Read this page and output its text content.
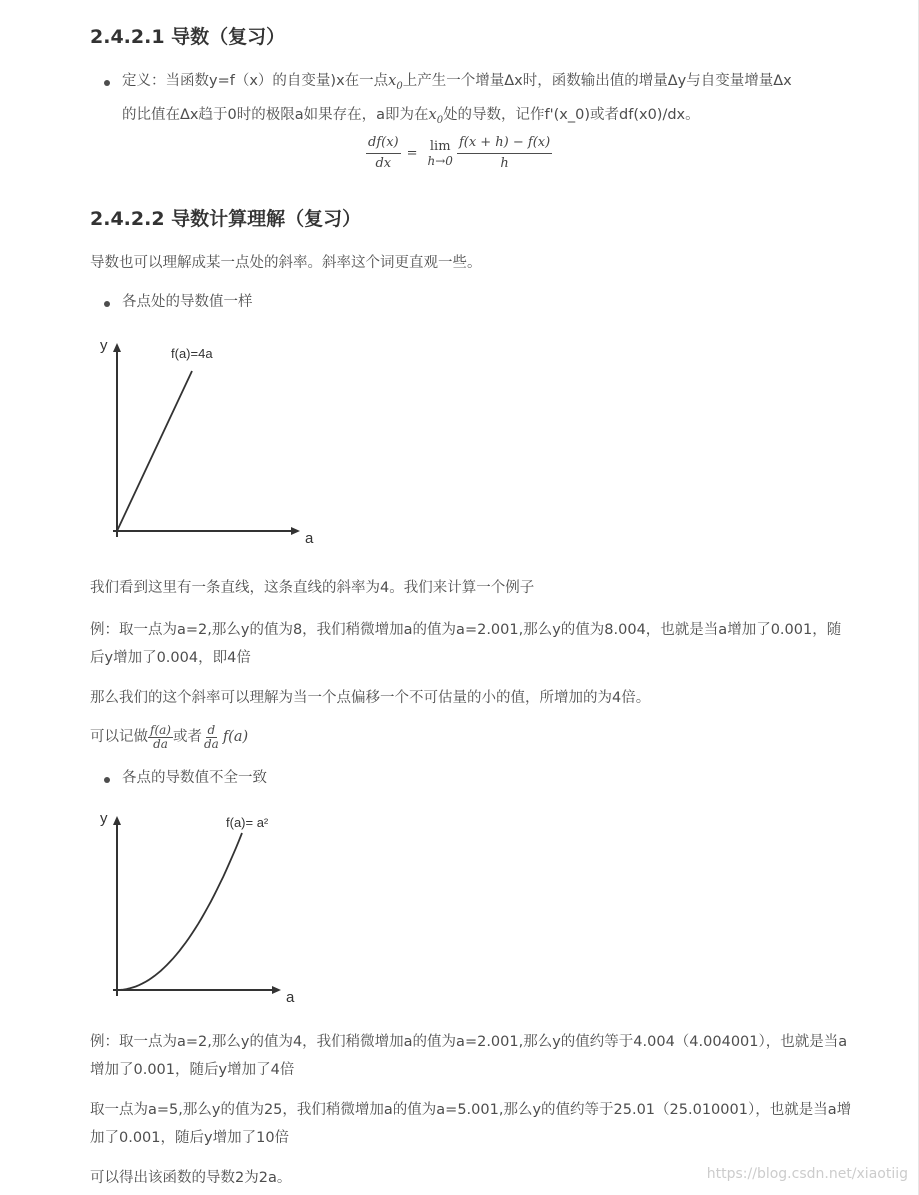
2.4.2.1 导数（复习）
定义：当函数y=f（x）的自变量)x在一点$x_0$上产生一个增量Δx时，函数输出值的增量Δy与自变量增量Δx
的比值在Δx趋于0时的极限a如果存在，a即为在$x_0$处的导数，记作f'(x_0)或者df(x0)/dx。
$\frac{df(x)}{dx} = \lim$
$h\to 0 \frac{f(x + h) - f(x)}{h}$
2.4.2.2 导数计算理解（复习）

导数也可以理解成某一点处的斜率。斜率这个词更直观一些。

各点处的导数值一样
a
y	f(a)=4a

我们看到这里有一条直线，这条直线的斜率为4。我们来计算一个例子

例：取一点为a=2,那么y的值为8，我们稍微增加a的值为a=2.001,那么y的值为8.004，也就是当a增加了0.001，随后y增加了0.004，即4倍

那么我们的这个斜率可以理解为当一个点偏移一个不可估量的小的值，所增加的为4倍。

可以记做 $\frac{f(a)}{da}$ 或者 $\frac{d}{da} f(a)$

各点的导数值不全一致
a
y	f(a)= a²

例：取一点为a=2,那么y的值为4，我们稍微增加a的值为a=2.001,那么y的值约等于4.004（4.004001），也就是当a增加了0.001，随后y增加了4倍

取一点为a=5,那么y的值为25，我们稍微增加a的值为a=5.001,那么y的值约等于25.01（25.010001），也就是当a增加了0.001，随后y增加了10倍

可以得出该函数的导数2为2a。	https://blog.csdn.net/xiaotiig
